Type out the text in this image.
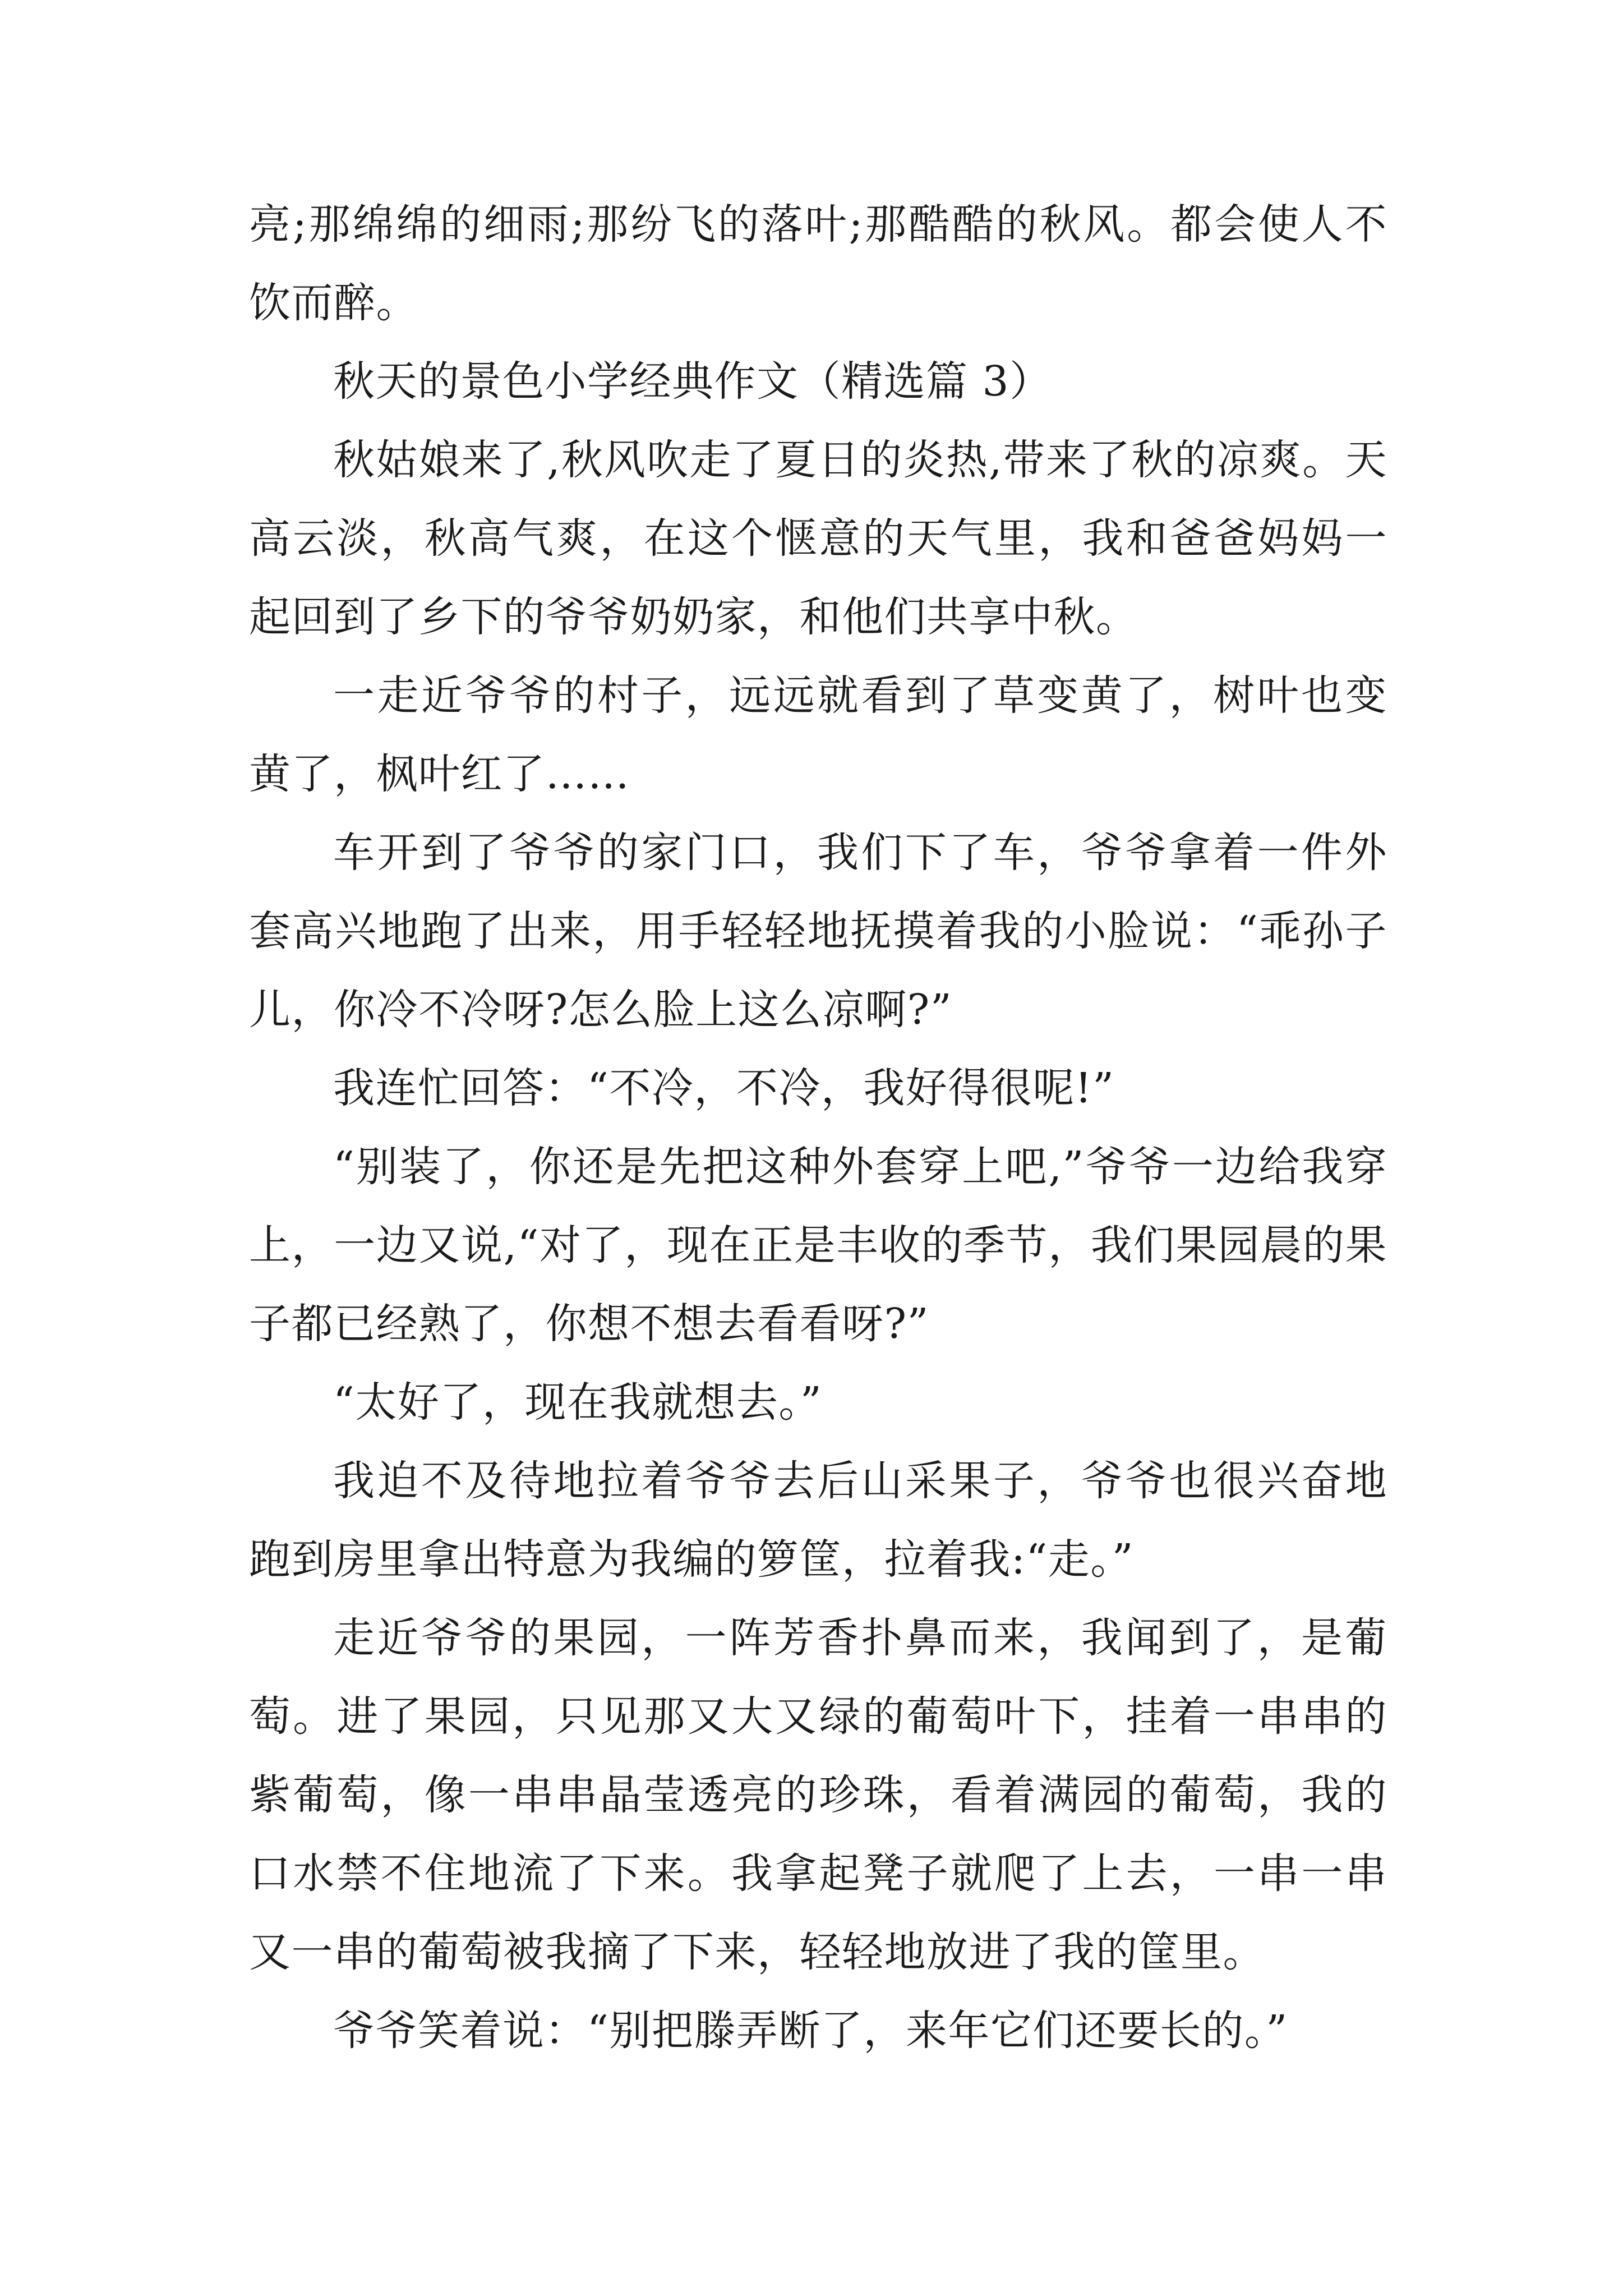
亮;那绵绵的细雨;那纷飞的落叶;那酷酷的秋风。都会使人不饮而醉。

秋天的景色小学经典作文（精选篇 3）

秋姑娘来了,秋风吹走了夏日的炎热,带来了秋的凉爽。天高云淡，秋高气爽，在这个惬意的天气里，我和爸爸妈妈一起回到了乡下的爷爷奶奶家，和他们共享中秋。

一走近爷爷的村子，远远就看到了草变黄了，树叶也变黄了，枫叶红了……

车开到了爷爷的家门口，我们下了车，爷爷拿着一件外套高兴地跑了出来，用手轻轻地抚摸着我的小脸说：“乖孙子儿，你冷不冷呀?怎么脸上这么凉啊?”

我连忙回答：“不冷，不冷，我好得很呢!”

“别装了，你还是先把这种外套穿上吧,”爷爷一边给我穿上，一边又说,“对了，现在正是丰收的季节，我们果园晨的果子都已经熟了，你想不想去看看呀?”

“太好了，现在我就想去。”

我迫不及待地拉着爷爷去后山采果子，爷爷也很兴奋地跑到房里拿出特意为我编的箩筐，拉着我:“走。”

走近爷爷的果园，一阵芳香扑鼻而来，我闻到了，是葡萄。进了果园，只见那又大又绿的葡萄叶下，挂着一串串的紫葡萄，像一串串晶莹透亮的珍珠，看着满园的葡萄，我的口水禁不住地流了下来。我拿起凳子就爬了上去，一串一串又一串的葡萄被我摘了下来，轻轻地放进了我的筐里。

爷爷笑着说：“别把滕弄断了，来年它们还要长的。”
